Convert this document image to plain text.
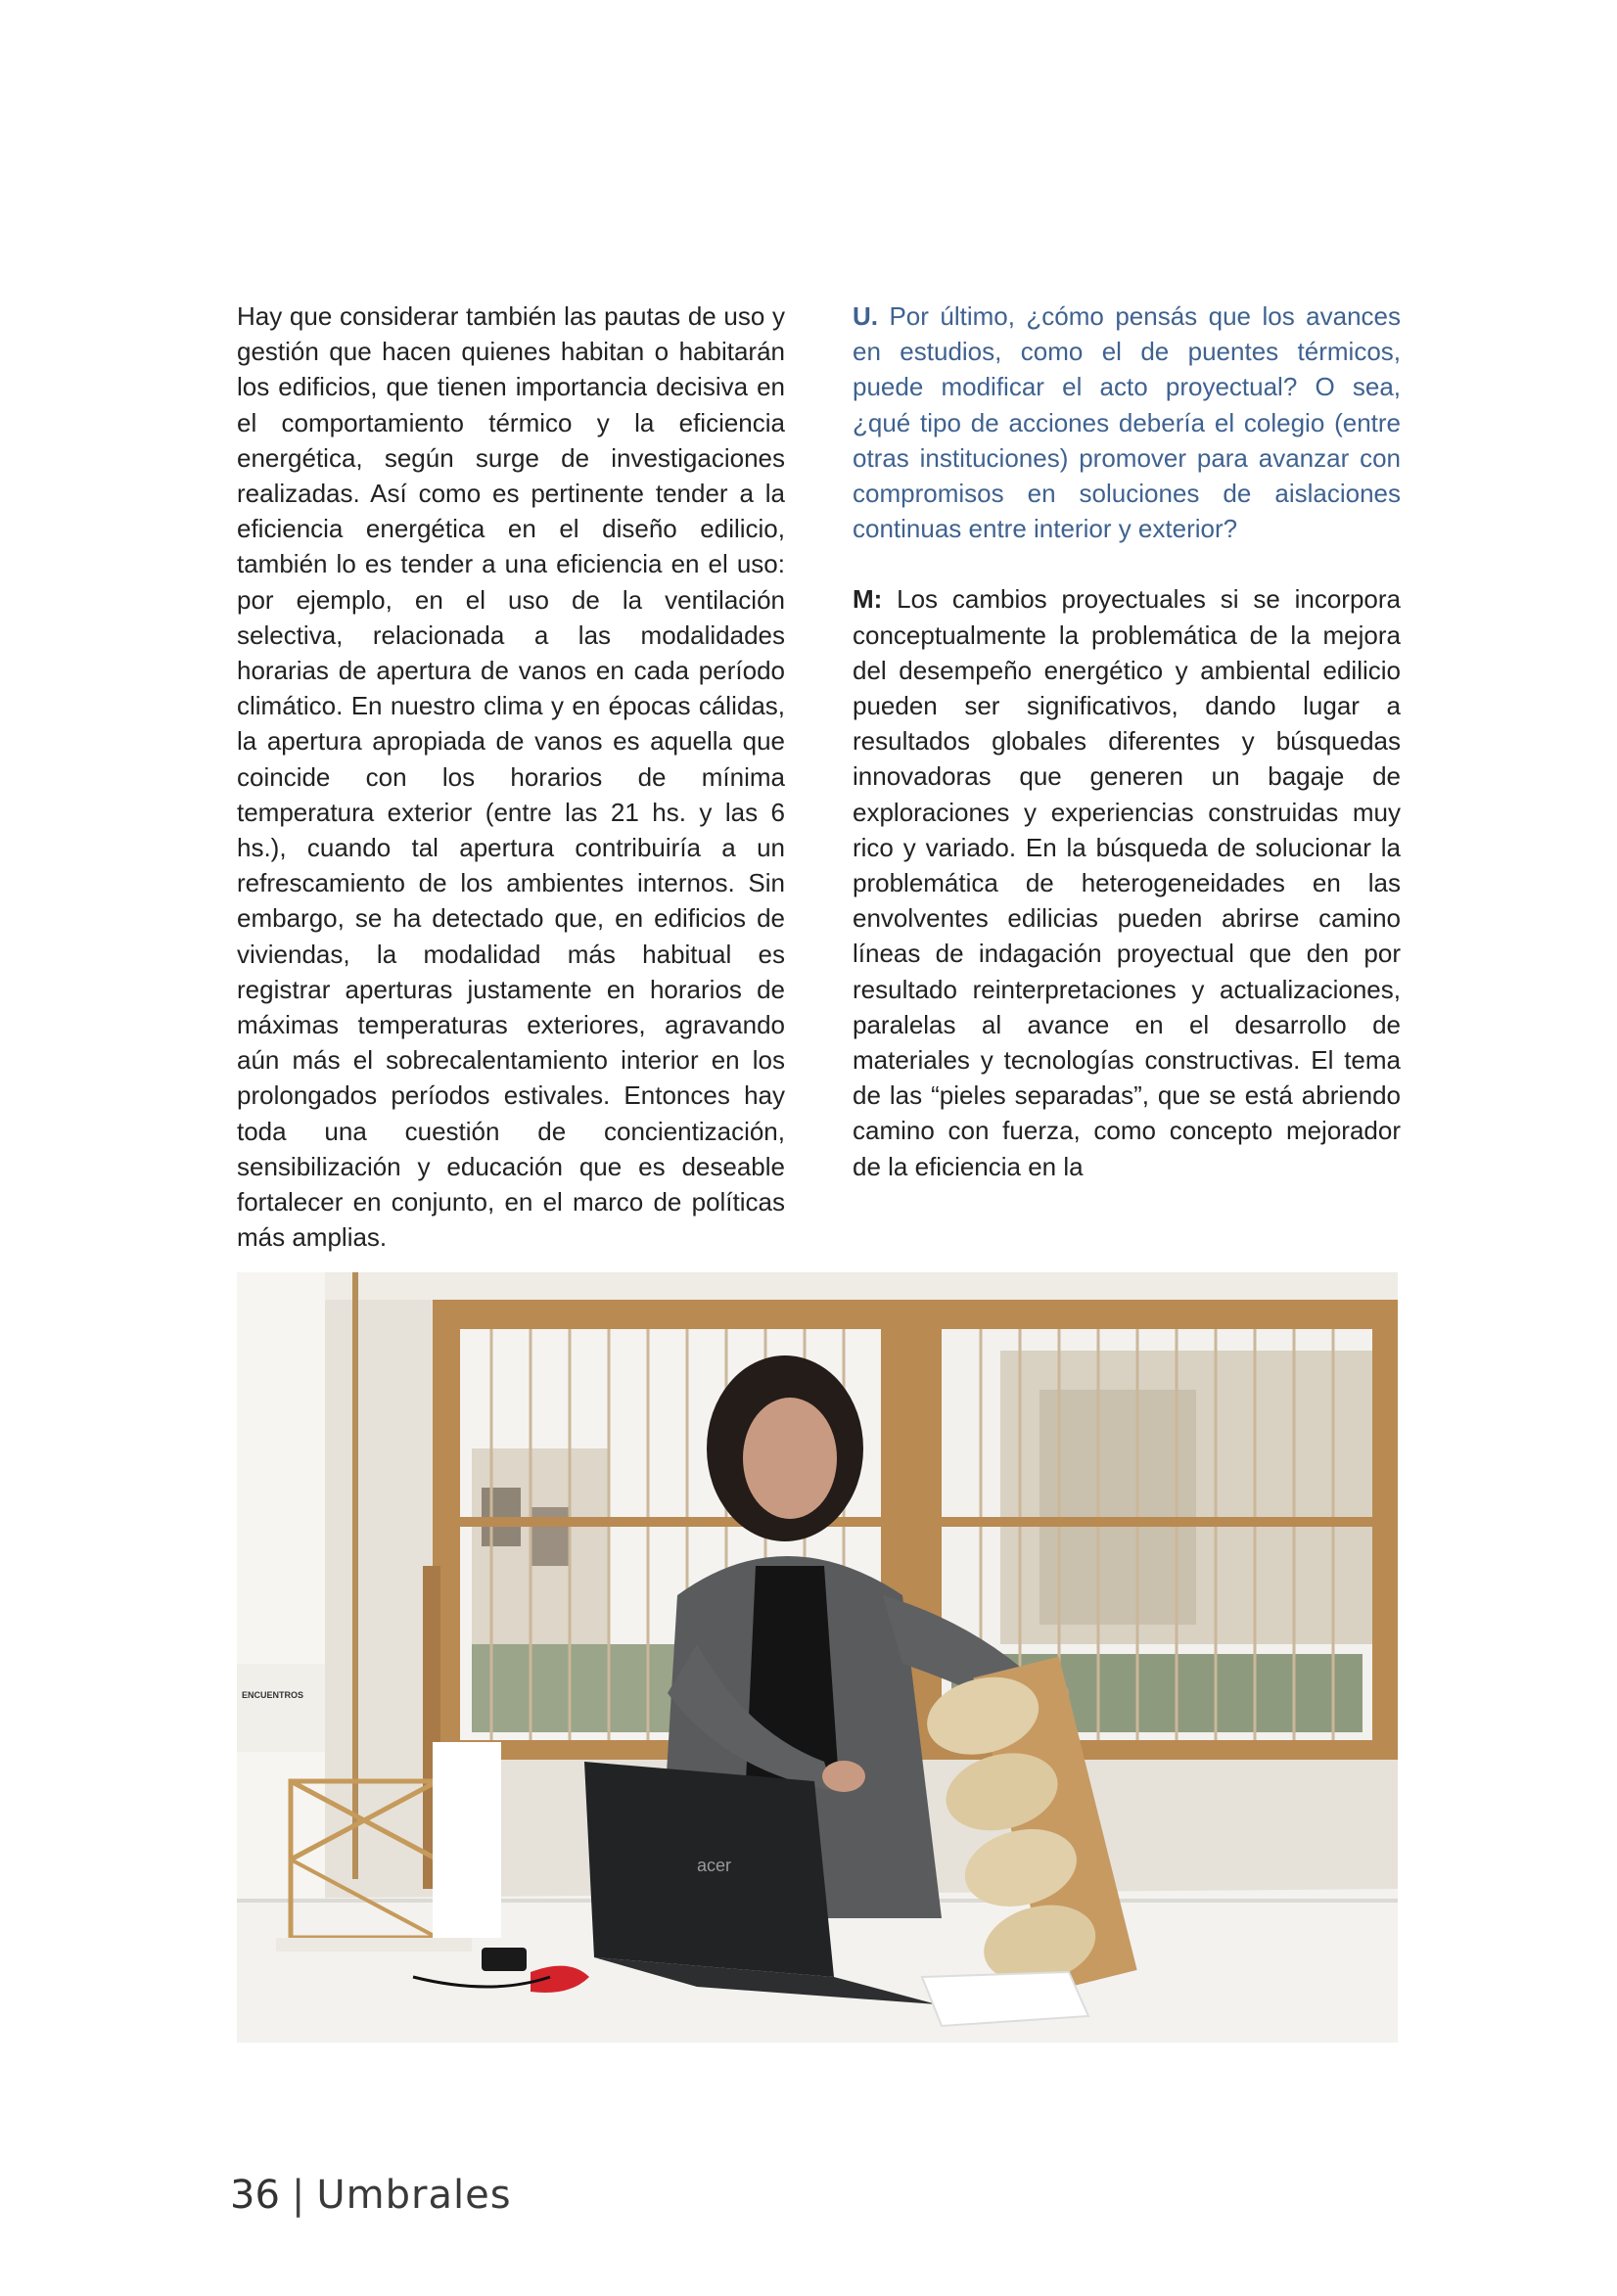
Hay que considerar también las pautas de uso y gestión que hacen quienes habitan o habitarán los edificios, que tienen importancia decisiva en el comportamiento térmico y la eficiencia energética, según surge de investigaciones realizadas. Así como es pertinente tender a la eficiencia energética en el diseño edilicio, también lo es tender a una eficiencia en el uso: por ejemplo, en el uso de la ventilación selectiva, relacionada a las modalidades horarias de apertura de vanos en cada período climático. En nuestro clima y en épocas cálidas, la apertura apropiada de vanos es aquella que coincide con los horarios de mínima temperatura exterior (entre las 21 hs. y las 6 hs.), cuando tal apertura contribuiría a un refrescamiento de los ambientes internos. Sin embargo, se ha detectado que, en edificios de viviendas, la modalidad más habitual es registrar aperturas justamente en horarios de máximas temperaturas exteriores, agravando aún más el sobrecalentamiento interior en los prolongados períodos estivales. Entonces hay toda una cuestión de concientización, sensibilización y educación que es deseable fortalecer en conjunto, en el marco de políticas más amplias.

U. Por último, ¿cómo pensás que los avances en estudios, como el de puentes térmicos, puede modificar el acto proyectual? O sea, ¿qué tipo de acciones debería el colegio (entre otras instituciones) promover para avanzar con compromisos en soluciones de aislaciones continuas entre interior y exterior?

M: Los cambios proyectuales si se incorpora conceptualmente la problemática de la mejora del desempeño energético y ambiental edilicio pueden ser significativos, dando lugar a resultados globales diferentes y búsquedas innovadoras que generen un bagaje de exploraciones y experiencias construidas muy rico y variado. En la búsqueda de solucionar la problemática de heterogeneidades en las envolventes edilicias pueden abrirse camino líneas de indagación proyectual que den por resultado reinterpretaciones y actualizaciones, paralelas al avance en el desarrollo de materiales y tecnologías constructivas. El tema de las “pieles separadas”, que se está abriendo camino con fuerza, como concepto mejorador de la eficiencia en la

acer
ENCUENTROS
36 | Umbrales
